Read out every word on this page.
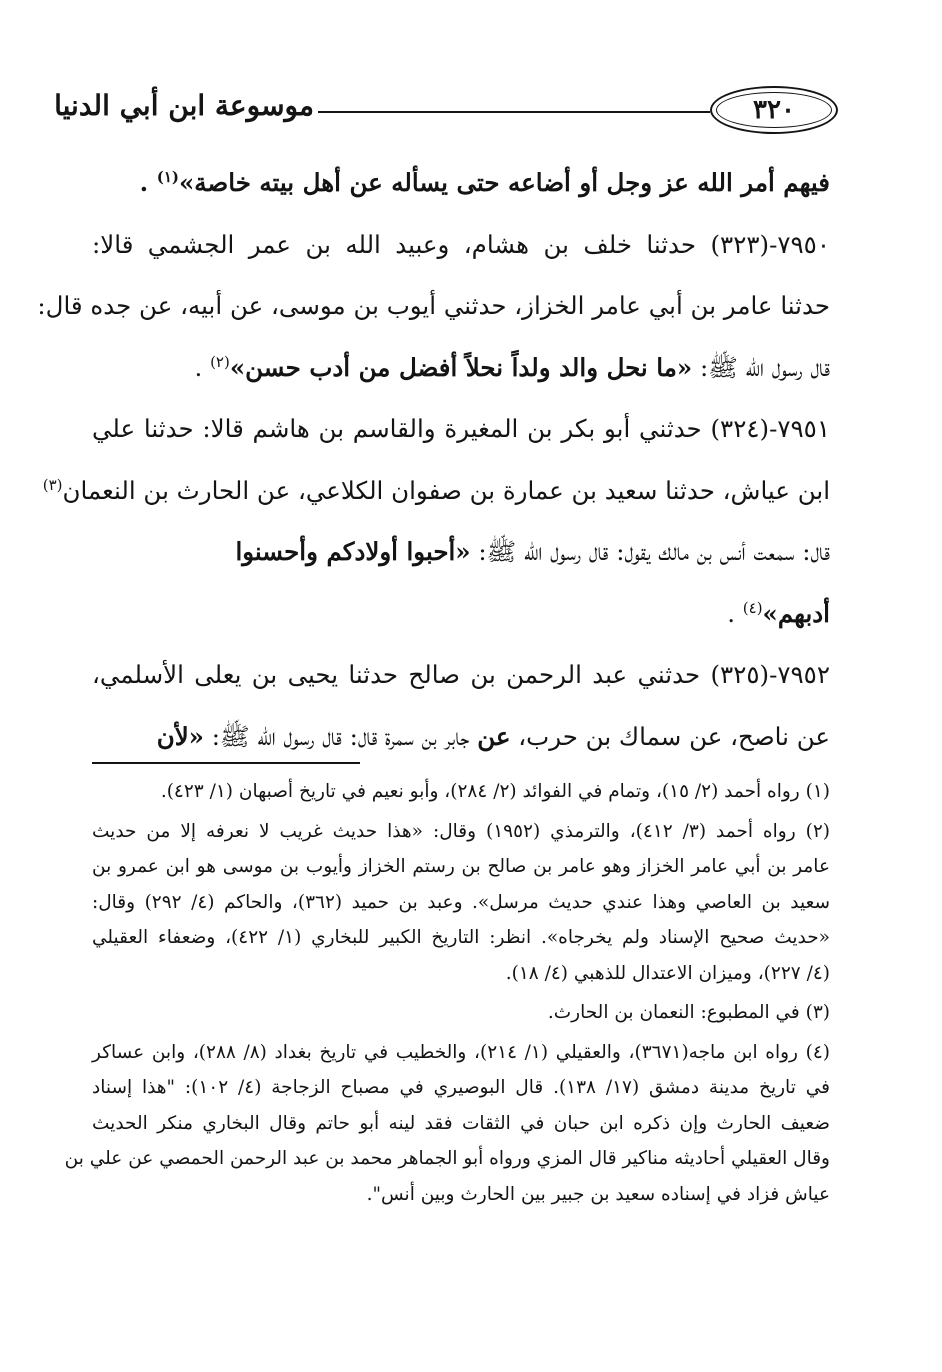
٣٢٠
موسوعة ابن أبي الدنيا
فيهم أمر الله عز وجل أو أضاعه حتى يسأله عن أهل بيته خاصة»$^{(١)}$ .
٧٩٥٠-(٣٢٣) حدثنا خلف بن هشام، وعبيد الله بن عمر الجشمي قالا:
حدثنا عامر بن أبي عامر الخزاز، حدثني أيوب بن موسى، عن أبيه، عن جده قال:
قال رسول الله ﷺ: «ما نحل والد ولداً نحلاً أفضل من أدب حسن»$^{(٢)}$ .
٧٩٥١-(٣٢٤) حدثني أبو بكر بن المغيرة والقاسم بن هاشم قالا: حدثنا علي
ابن عياش، حدثنا سعيد بن عمارة بن صفوان الكلاعي، عن الحارث بن النعمان$^{(٣)}$
قال: سمعت أنس بن مالك يقول: قال رسول الله ﷺ: «أحبوا أولادكم وأحسنوا
أدبهم»$^{(٤)}$ .
٧٩٥٢-(٣٢٥) حدثني عبد الرحمن بن صالح حدثنا يحيى بن يعلى الأسلمي،
عن ناصح، عن سماك بن حرب، عن جابر بن سمرة قال: قال رسول الله ﷺ: «لأن
(١) رواه أحمد (٢/ ١٥)، وتمام في الفوائد (٢/ ٢٨٤)، وأبو نعيم في تاريخ أصبهان (١/ ٤٢٣).
(٢) رواه أحمد (٣/ ٤١٢)، والترمذي (١٩٥٢) وقال: «هذا حديث غريب لا نعرفه إلا من حديث
عامر بن أبي عامر الخزاز وهو عامر بن صالح بن رستم الخزاز وأيوب بن موسى هو ابن عمرو بن
سعيد بن العاصي وهذا عندي حديث مرسل». وعبد بن حميد (٣٦٢)، والحاكم (٤/ ٢٩٢) وقال:
«حديث صحيح الإسناد ولم يخرجاه». انظر: التاريخ الكبير للبخاري (١/ ٤٢٢)، وضعفاء العقيلي
(٤/ ٢٢٧)، وميزان الاعتدال للذهبي (٤/ ١٨).
(٣) في المطبوع: النعمان بن الحارث.
(٤) رواه ابن ماجه(٣٦٧١)، والعقيلي (١/ ٢١٤)، والخطيب في تاريخ بغداد (٨/ ٢٨٨)، وابن عساكر
في تاريخ مدينة دمشق (١٧/ ١٣٨). قال البوصيري في مصباح الزجاجة (٤/ ١٠٢): "هذا إسناد
ضعيف الحارث وإن ذكره ابن حبان في الثقات فقد لينه أبو حاتم وقال البخاري منكر الحديث
وقال العقيلي أحاديثه مناكير قال المزي ورواه أبو الجماهر محمد بن عبد الرحمن الحمصي عن علي بن
عياش فزاد في إسناده سعيد بن جبير بين الحارث وبين أنس".
